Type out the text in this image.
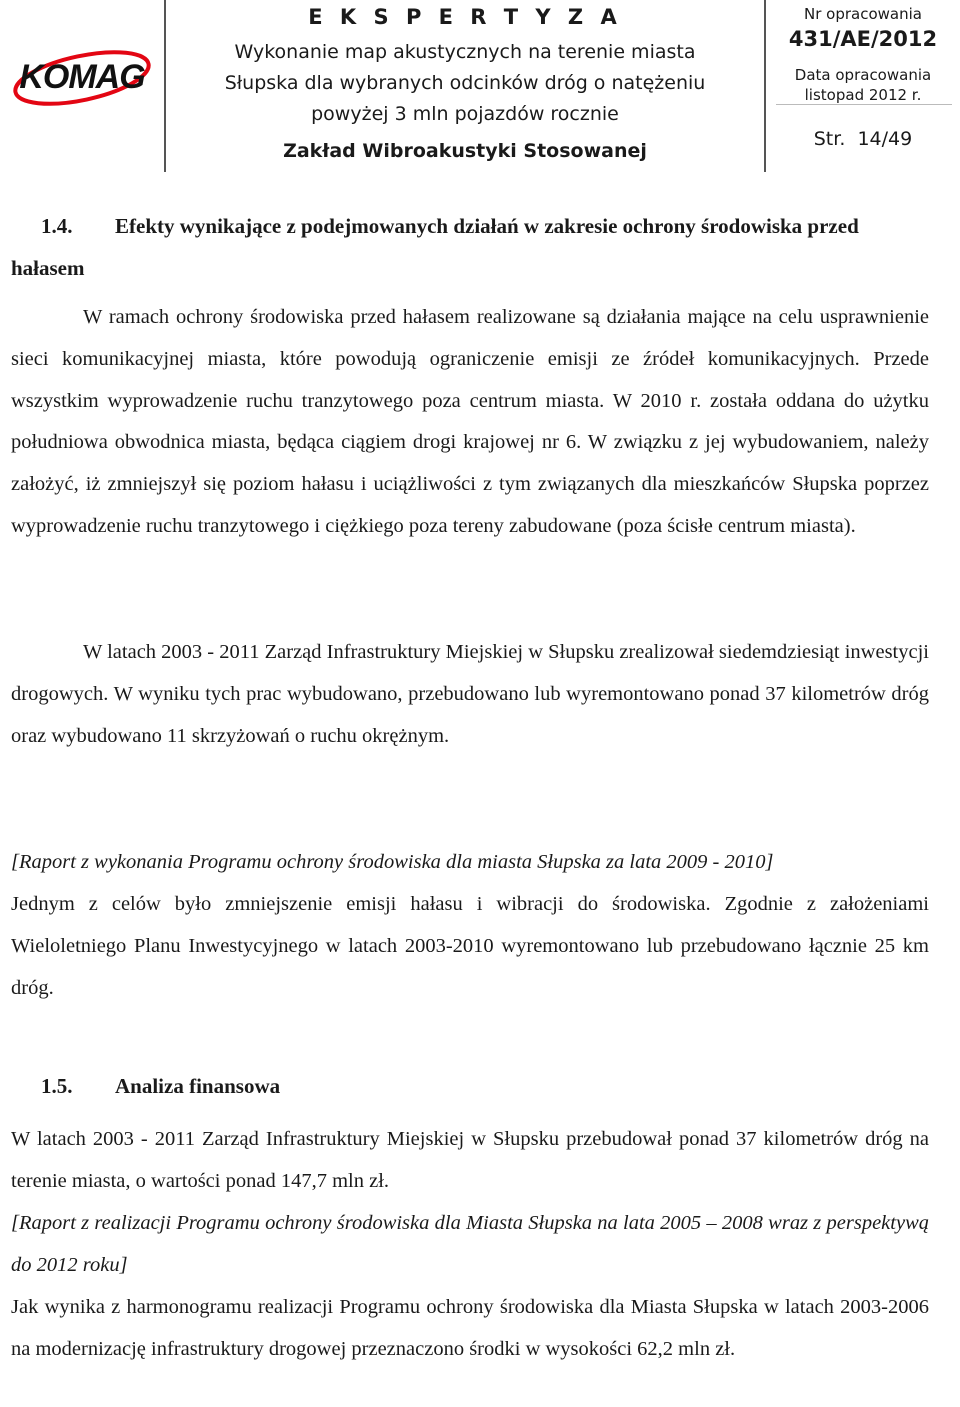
KOMAG
E K S P E R T Y Z A
Wykonanie map akustycznych na terenie miasta
Słupska dla wybranych odcinków dróg o natężeniu
powyżej 3 mln pojazdów rocznie
Zakład Wibroakustyki Stosowanej
Nr opracowania
431/AE/2012
Data opracowania
listopad 2012 r.
Str. 14/49
1.4. Efekty wynikające z podejmowanych działań w zakresie ochrony środowiska przed hałasem

W ramach ochrony środowiska przed hałasem realizowane są działania mające na celu usprawnienie sieci komunikacyjnej miasta, które powodują ograniczenie emisji ze źródeł komunikacyjnych. Przede wszystkim wyprowadzenie ruchu tranzytowego poza centrum miasta. W 2010 r. została oddana do użytku południowa obwodnica miasta, będąca ciągiem drogi krajowej nr 6. W związku z jej wybudowaniem, należy założyć, iż zmniejszył się poziom hałasu i uciążliwości z tym związanych dla mieszkańców Słupska poprzez wyprowadzenie ruchu tranzytowego i ciężkiego poza tereny zabudowane (poza ścisłe centrum miasta).

W latach 2003 - 2011 Zarząd Infrastruktury Miejskiej w Słupsku zrealizował siedemdziesiąt inwestycji drogowych. W wyniku tych prac wybudowano, przebudowano lub wyremontowano ponad 37 kilometrów dróg oraz wybudowano 11 skrzyżowań o ruchu okrężnym.

[Raport z wykonania Programu ochrony środowiska dla miasta Słupska za lata 2009 - 2010]

Jednym z celów było zmniejszenie emisji hałasu i wibracji do środowiska. Zgodnie z założeniami Wieloletniego Planu Inwestycyjnego w latach 2003-2010 wyremontowano lub przebudowano łącznie 25 km dróg.

1.5. Analiza finansowa

W latach 2003 - 2011 Zarząd Infrastruktury Miejskiej w Słupsku przebudował ponad 37 kilometrów dróg na terenie miasta, o wartości ponad 147,7 mln zł.

[Raport z realizacji Programu ochrony środowiska dla Miasta Słupska na lata 2005 – 2008 wraz z perspektywą do 2012 roku]

Jak wynika z harmonogramu realizacji Programu ochrony środowiska dla Miasta Słupska w latach 2003-2006 na modernizację infrastruktury drogowej przeznaczono środki w wysokości 62,2 mln zł.
